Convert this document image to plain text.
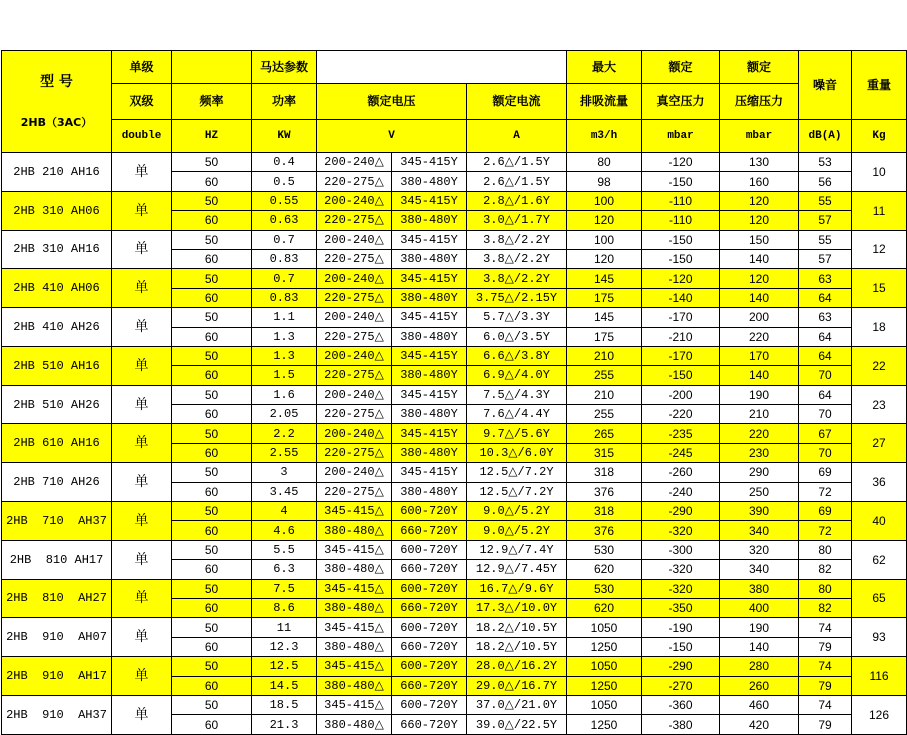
型 号

2HB（3AC）	单级		马达参数				最大	额定	额定	噪音	重量
	双级	频率	功率	额定电压		额定电流	排吸流量	真空压力	压缩压力		
	double	HZ	KW	V		A	m3/h	mbar	mbar	dB(A)	Kg
2HB 210 AH16	单	50	0.4	200-240△	345-415Y	2.6△/1.5Y	80	-120	130	53	10
		60	0.5	220-275△	380-480Y	2.6△/1.5Y	98	-150	160	56	
2HB 310 AH06	单	50	0.55	200-240△	345-415Y	2.8△/1.6Y	100	-110	120	55	11
		60	0.63	220-275△	380-480Y	3.0△/1.7Y	120	-110	120	57	
2HB 310 AH16	单	50	0.7	200-240△	345-415Y	3.8△/2.2Y	100	-150	150	55	12
		60	0.83	220-275△	380-480Y	3.8△/2.2Y	120	-150	140	57	
2HB 410 AH06	单	50	0.7	200-240△	345-415Y	3.8△/2.2Y	145	-120	120	63	15
		60	0.83	220-275△	380-480Y	3.75△/2.15Y	175	-140	140	64	
2HB 410 AH26	单	50	1.1	200-240△	345-415Y	5.7△/3.3Y	145	-170	200	63	18
		60	1.3	220-275△	380-480Y	6.0△/3.5Y	175	-210	220	64	
2HB 510 AH16	单	50	1.3	200-240△	345-415Y	6.6△/3.8Y	210	-170	170	64	22
		60	1.5	220-275△	380-480Y	6.9△/4.0Y	255	-150	140	70	
2HB 510 AH26	单	50	1.6	200-240△	345-415Y	7.5△/4.3Y	210	-200	190	64	23
		60	2.05	220-275△	380-480Y	7.6△/4.4Y	255	-220	210	70	
2HB 610 AH16	单	50	2.2	200-240△	345-415Y	9.7△/5.6Y	265	-235	220	67	27
		60	2.55	220-275△	380-480Y	10.3△/6.0Y	315	-245	230	70	
2HB 710 AH26	单	50	3	200-240△	345-415Y	12.5△/7.2Y	318	-260	290	69	36
		60	3.45	220-275△	380-480Y	12.5△/7.2Y	376	-240	250	72	
2HB  710  AH37	单	50	4	345-415△	600-720Y	9.0△/5.2Y	318	-290	390	69	40
		60	4.6	380-480△	660-720Y	9.0△/5.2Y	376	-320	340	72	
2HB  810 AH17	单	50	5.5	345-415△	600-720Y	12.9△/7.4Y	530	-300	320	80	62
		60	6.3	380-480△	660-720Y	12.9△/7.45Y	620	-320	340	82	
2HB  810  AH27	单	50	7.5	345-415△	600-720Y	16.7△/9.6Y	530	-320	380	80	65
		60	8.6	380-480△	660-720Y	17.3△/10.0Y	620	-350	400	82	
2HB  910  AH07	单	50	11	345-415△	600-720Y	18.2△/10.5Y	1050	-190	190	74	93
		60	12.3	380-480△	660-720Y	18.2△/10.5Y	1250	-150	140	79	
2HB  910  AH17	单	50	12.5	345-415△	600-720Y	28.0△/16.2Y	1050	-290	280	74	116
		60	14.5	380-480△	660-720Y	29.0△/16.7Y	1250	-270	260	79	
2HB  910  AH37	单	50	18.5	345-415△	600-720Y	37.0△/21.0Y	1050	-360	460	74	126
		60	21.3	380-480△	660-720Y	39.0△/22.5Y	1250	-380	420	79	
